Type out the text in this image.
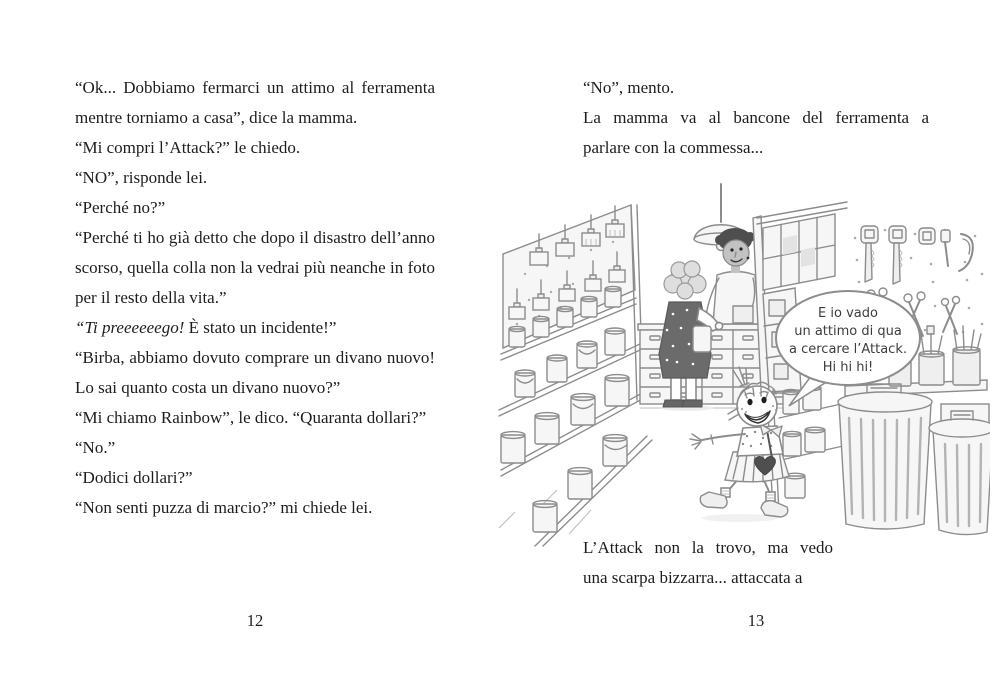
“Ok... Dobbiamo fermarci un attimo al ferramenta mentre torniamo a casa”, dice la mamma.

“Mi compri l’Attack?” le chiedo.

“NO”, risponde lei.

“Perché no?”

“Perché ti ho già detto che dopo il disastro dell’anno scorso, quella colla non la vedrai più neanche in foto per il resto della vita.”

“Ti preeeeeego! È stato un incidente!”

“Birba, abbiamo dovuto comprare un divano nuovo! Lo sai quanto costa un divano nuovo?”

“Mi chiamo Rainbow”, le dico. “Quaranta dollari?”

“No.”

“Dodici dollari?”

“Non senti puzza di marcio?” mi chiede lei.

“No”, mento.

La mamma va al bancone del ferramenta a
parlare con la commessa...

E io vado
un attimo di qua
a cercare l’Attack.
Hi hi hi!
L’Attack non la trovo, ma vedo
una scarpa bizzarra... attaccata a
12	13
